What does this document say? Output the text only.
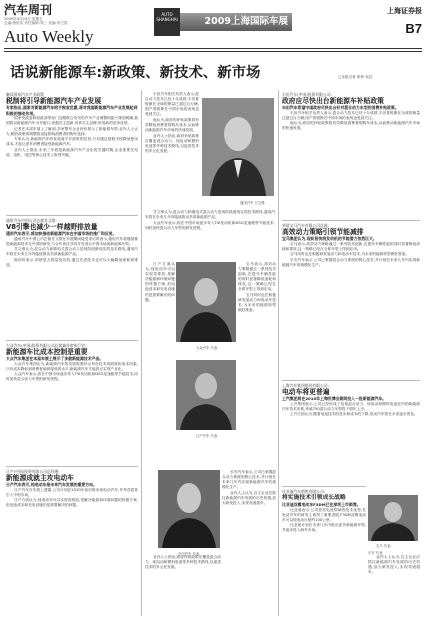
汽车周刊
2009年4月24日 星期五
总编:康世英 责任编辑:刘三 美编:李卫国
Auto Weekly
2009上海国际车展
AUTO SHANGHAI
上海证券报
B7
话说新能源车:新政策、新技术、新市场	□本报记者 张炜 吴佳
解读国家汽车产业政策
税制将引导新能源汽车产业发展
专家指出,国家对新能源汽车给予税收优惠,将对我国新能源汽车产业发展起到积极的推动作用。

国家发改委和财政部等部门近期联合发布的汽车产业调整和振兴规划明确,我国将以新能源汽车为突破口,加强自主创新,培育自主品牌,形成新的竞争优势。

记者在本届车展上了解到,多家整车企业纷纷展示了新能源车型,业内人士认为,税收政策的调整将直接影响消费者的购车选择。

专家认为,新能源汽车的发展离不开政策的扶持,只有通过财税手段降低使用成本,才能让更多消费者接受新能源汽车。

业内人士指出,未来三年将是新能源汽车产业化的关键时期,企业需要在电池、电机、电控等核心技术上取得突破。

通用汽车中国公司总裁甘文维:
V8引擎也减少一样越野排放量
通用汽车表示,将加快推动新能源汽车在中国市场的推广和应用。

通用汽车中国公司总裁甘文维在车展期间接受采访时表示,通用汽车将继续推进新能源技术在中国的研发,与合作伙伴共同开发适合中国市场的新能源车型。

甘文维认为,混合动力和插电式混合动力是现阶段最现实的技术路线,通用汽车将在未来几年内陆续推出多款新能源产品。

他同时表示,即使是大排量发动机,通过先进技术也可以大幅降低油耗和排放。

大众汽车(中国)投资有限公司总裁兼首席执行官:
新能源车比成本控制是重要
大众汽车集团在本届车展上展示了多款新能源技术产品。

大众汽车集团认为,新能源汽车的发展需要综合考虑技术成熟度和成本因素,只有成本降低到消费者能够接受的水平,新能源汽车才能真正实现产业化。

大众汽车表示,将在中国市场逐步导入TSI发动机和DSG变速箱等节能技术,同时加快混合动力车型的研发进程。

日产(中国)投资有限公司总经理:
新能源成就主攻电动车
日产汽车表示,纯电动车是未来汽车发展的重要方向。

日产汽车在车展上透露,公司计划在2010年前后推出纯电动汽车,并考虑将其引入中国市场。

日产方面认为,纯电动车可以实现零排放,是解决能源和环境问题的终极方案,但电池成本和充电设施仍是需要解决的问题。

通用汽车 甘文维
大众汽车 代表
日产汽车 代表
丰田汽车 代表

丰田汽车相关负责人表示,混合动力技术已经十分成熟,丰田普锐斯在全球的销量已超过百万辆,国产普锐斯在中国市场的表现也受到关注。

他认为,政府的补贴政策将有效降低消费者的购车成本,从而推动新能源汽车市场的快速发展。

业内人士指出,政府补贴政策应覆盖混合动力、纯电动和燃料电池等多种技术路线,以促进技术的多元化发展。

甘文维认为,混合动力和插电式混合动力是现阶段最现实的技术路线,通用汽车将在未来几年内陆续推出多款新能源产品。

大众汽车表示,将在中国市场逐步导入TSI发动机和DSG变速箱等节能技术,同时加快混合动力车型的研发进程。

宝马表示,高效动力策略通过一系列技术创新,在提升车辆性能的同时显著降低油耗和排放,这一策略已经在全系车型上得到应用。

宝马同时也在积极研发氢动力和电动车技术,为未来的能源转型做好准备。

日产方面认为,纯电动车可以实现零排放,是解决能源和环境问题的终极方案,但电池成本和充电设施仍是需要解决的问题。

长安汽车表示,公司已掌握混合动力系统的核心技术,并计划在未来几年内实现新能源汽车的规模化生产。

业内人士认为,自主企业应抓住新能源汽车发展的历史机遇,加大研发投入,实现弯道超车。

业内人士指出,政府补贴政策应覆盖混合动力、纯电动和燃料电池等多种技术路线,以促进技术的多元化发展。

丰田汽车(中国)投资有限公司:
政府应尽快出台新能源车补贴政策
丰田汽车希望中国政府尽快出台针对混合动力车型的消费补贴政策。

丰田汽车相关负责人表示,混合动力技术已经十分成熟,丰田普锐斯在全球的销量已超过百万辆,国产普锐斯在中国市场的表现也受到关注。

他认为,政府的补贴政策将有效降低消费者的购车成本,从而推动新能源汽车市场的快速发展。

华晨宝马汽车有限公司总裁:
高效动力策略引领节能减排
宝马集团认为,现阶段传统发动机的节能潜力依然巨大。

宝马表示,高效动力策略通过一系列技术创新,在提升车辆性能的同时显著降低油耗和排放,这一策略已经在全系车型上得到应用。

宝马同时也在积极研发氢动力和电动车技术,为未来的能源转型做好准备。

长安汽车表示,公司已掌握混合动力系统的核心技术,并计划在未来几年内实现新能源汽车的规模化生产。

上海汽车集团股份有限公司:
电动车将更普遍
上汽集团将在2010年上海世博会期间投入一批新能源汽车。

上汽集团表示,公司已经形成了包括混合动力、纯电动和燃料电池在内的新能源汽车技术体系,荣威750混合动力车型将于明年上市。

上汽方面认为,随着电池技术的进步和成本的下降,电动汽车将在未来逐步普及。

宝马 代表
比亚迪汽车销售有限公司:
将实施技术引领成长战略
比亚迪双模电动车F3DM已在深圳上市销售。

比亚迪表示,公司依托电池领域的技术优势,在电动汽车的研发上取得了重要进展,F3DM双模电动车可以纯电动行驶约100公里。

比亚迪计划在未来几年内推出更多新能源车型,并逐步进入海外市场。

长安 代表

业内人士认为,自主企业应抓住新能源汽车发展的历史机遇,加大研发投入,实现弯道超车。
